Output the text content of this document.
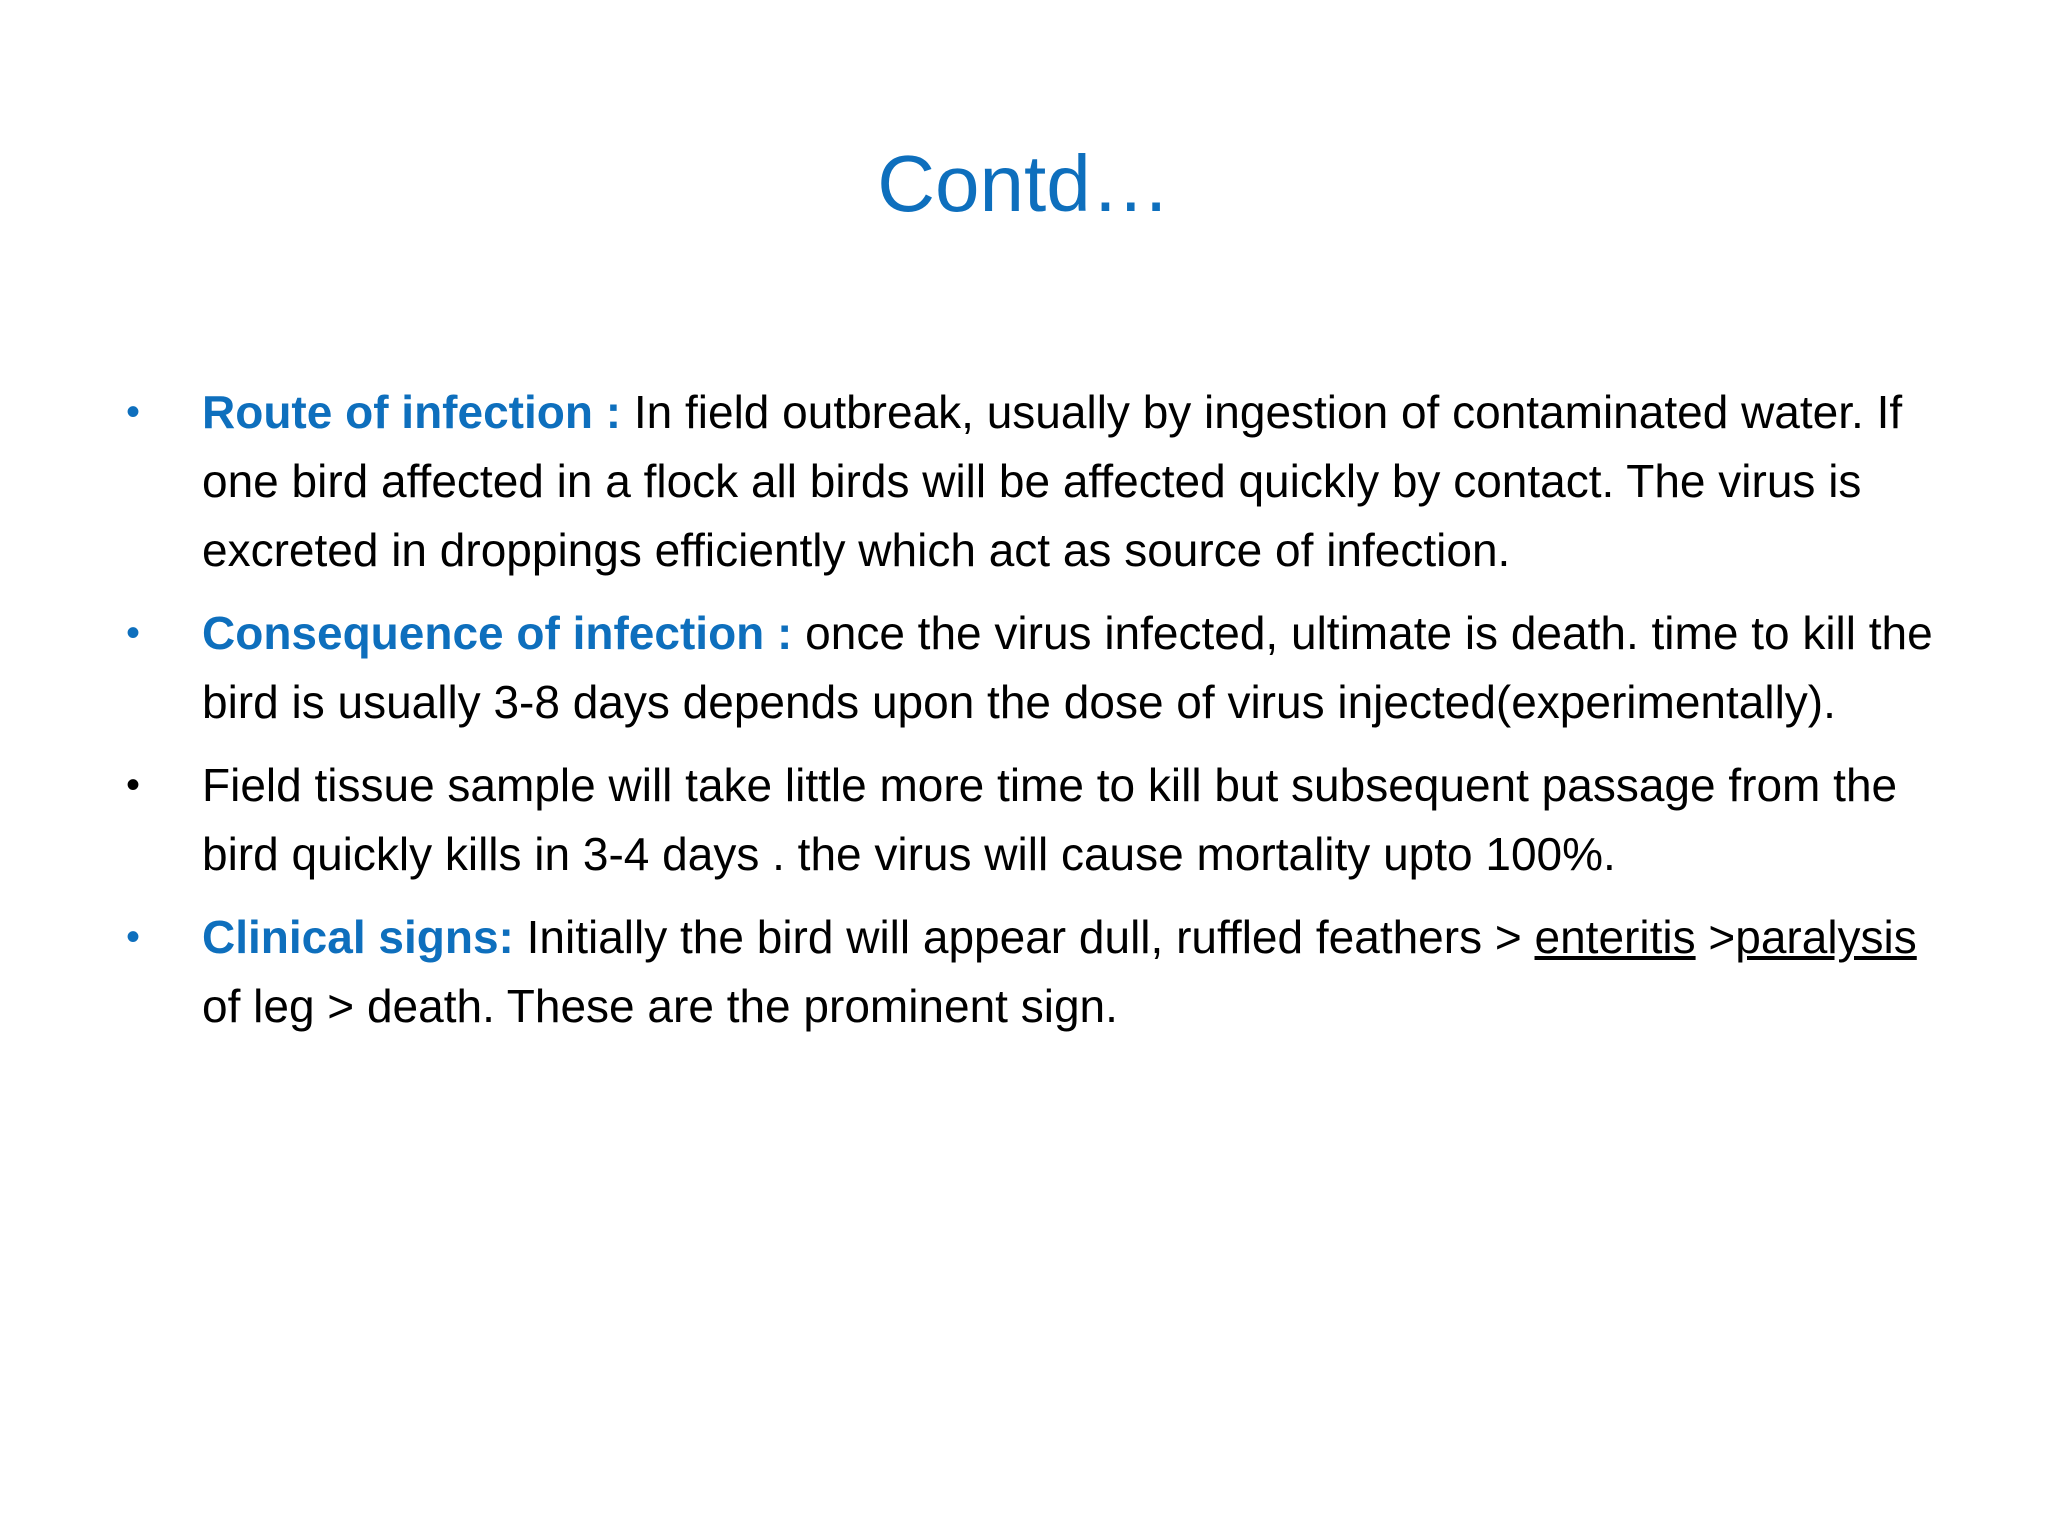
Contd…
• Route of infection : In field outbreak, usually by ingestion of contaminated water. If one bird affected in a flock all birds will be affected quickly by contact. The virus is excreted in droppings efficiently which act as source of infection.
• Consequence of infection : once the virus infected, ultimate is death. time to kill the bird is usually 3-8 days depends upon the dose of virus injected(experimentally).
• Field tissue sample will take little more time to kill but subsequent passage from the bird quickly kills in 3-4 days . the virus will cause mortality upto 100%.
• Clinical signs: Initially the bird will appear dull, ruffled feathers > enteritis >paralysis of leg > death. These are the prominent sign.
